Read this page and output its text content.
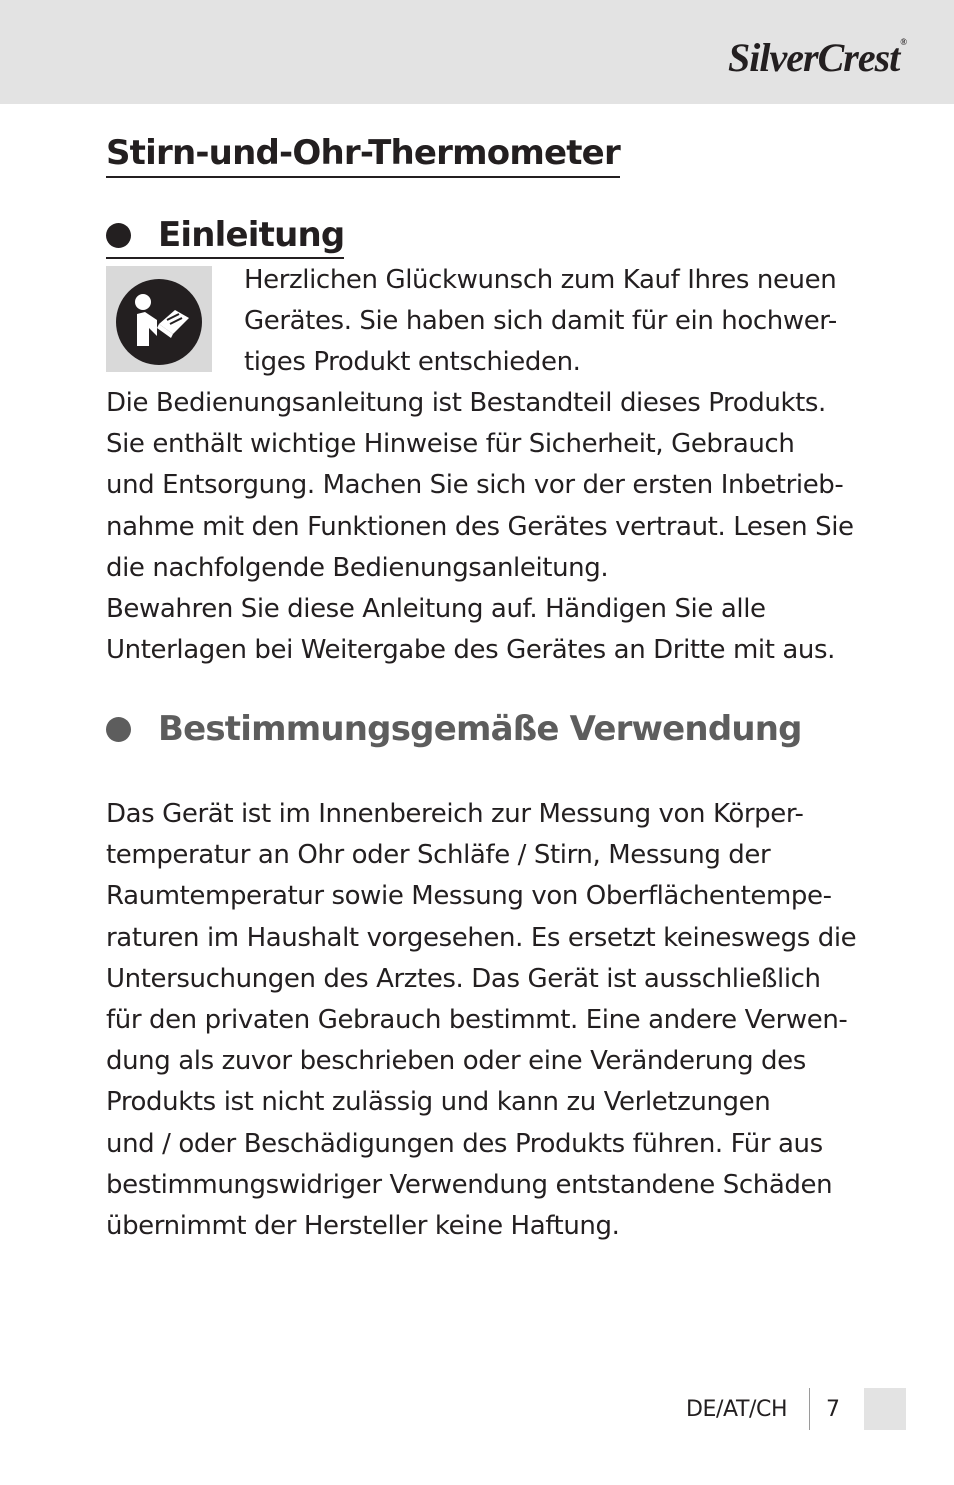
SilverCrest®
Stirn-und-Ohr-Thermometer
Einleitung

Herzlichen Glückwunsch zum Kauf Ihres neuen
Gerätes. Sie haben sich damit für ein hochwer-
tiges Produkt entschieden.

Die Bedienungsanleitung ist Bestandteil dieses Produkts.
Sie enthält wichtige Hinweise für Sicherheit, Gebrauch
und Entsorgung. Machen Sie sich vor der ersten Inbetrieb-
nahme mit den Funktionen des Gerätes vertraut. Lesen Sie
die nachfolgende Bedienungsanleitung.
Bewahren Sie diese Anleitung auf. Händigen Sie alle
Unterlagen bei Weitergabe des Gerätes an Dritte mit aus.

Bestimmungsgemäße Verwendung

Das Gerät ist im Innenbereich zur Messung von Körper-
temperatur an Ohr oder Schläfe / Stirn, Messung der
Raumtemperatur sowie Messung von Oberflächentempe-
raturen im Haushalt vorgesehen. Es ersetzt keineswegs die
Untersuchungen des Arztes. Das Gerät ist ausschließlich
für den privaten Gebrauch bestimmt. Eine andere Verwen-
dung als zuvor beschrieben oder eine Veränderung des
Produkts ist nicht zulässig und kann zu Verletzungen
und / oder Beschädigungen des Produkts führen. Für aus
bestimmungswidriger Verwendung entstandene Schäden
übernimmt der Hersteller keine Haftung.

DE/AT/CH 7
